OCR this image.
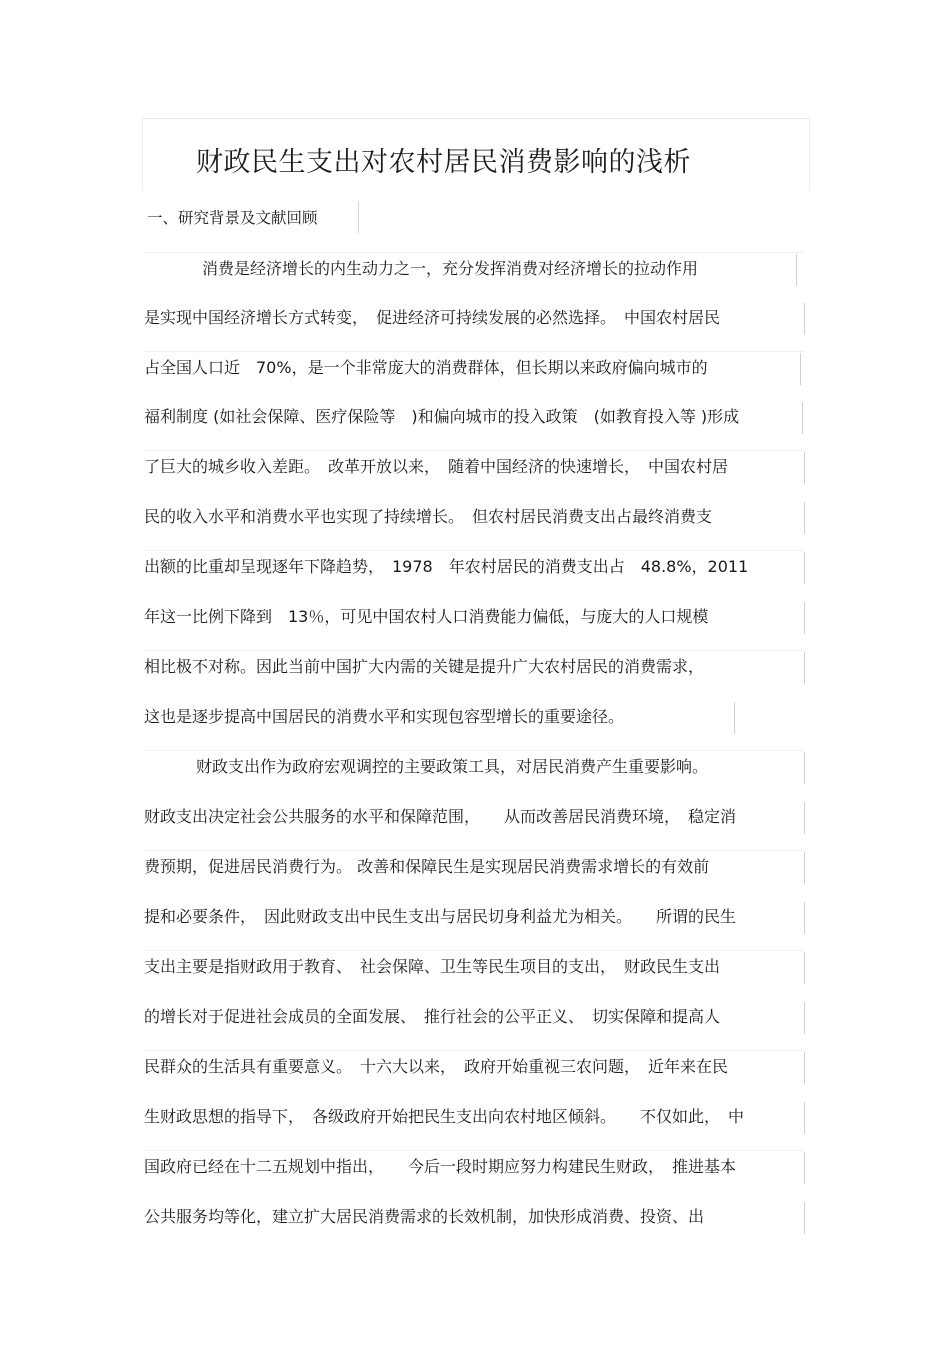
财政民生支出对农村居民消费影响的浅析
一、研究背景及文献回顾
消费是经济增长的内生动力之一，充分发挥消费对经济增长的拉动作用
是实现中国经济增长方式转变，　促进经济可持续发展的必然选择。　中国农村居民
占全国人口近　70%，是一个非常庞大的消费群体，但长期以来政府偏向城市的
福利制度 (如社会保障、医疗保险等　)和偏向城市的投入政策　(如教育投入等 )形成
了巨大的城乡收入差距。　改革开放以来，　随着中国经济的快速增长，　中国农村居
民的收入水平和消费水平也实现了持续增长。　但农村居民消费支出占最终消费支
出额的比重却呈现逐年下降趋势，　1978　年农村居民的消费支出占　48.8%，2011
年这一比例下降到　13％，可见中国农村人口消费能力偏低，与庞大的人口规模
相比极不对称。因此当前中国扩大内需的关键是提升广大农村居民的消费需求，
这也是逐步提高中国居民的消费水平和实现包容型增长的重要途径。
财政支出作为政府宏观调控的主要政策工具，对居民消费产生重要影响。
财政支出决定社会公共服务的水平和保障范围，　　从而改善居民消费环境，　稳定消
费预期，促进居民消费行为。 改善和保障民生是实现居民消费需求增长的有效前
提和必要条件，　因此财政支出中民生支出与居民切身利益尤为相关。　　所谓的民生
支出主要是指财政用于教育、　社会保障、卫生等民生项目的支出，　财政民生支出
的增长对于促进社会成员的全面发展、　推行社会的公平正义、　切实保障和提高人
民群众的生活具有重要意义。　十六大以来，　政府开始重视三农问题，　近年来在民
生财政思想的指导下，　各级政府开始把民生支出向农村地区倾斜。　　不仅如此，　中
国政府已经在十二五规划中指出，　　今后一段时期应努力构建民生财政，　推进基本
公共服务均等化，建立扩大居民消费需求的长效机制，加快形成消费、投资、出
